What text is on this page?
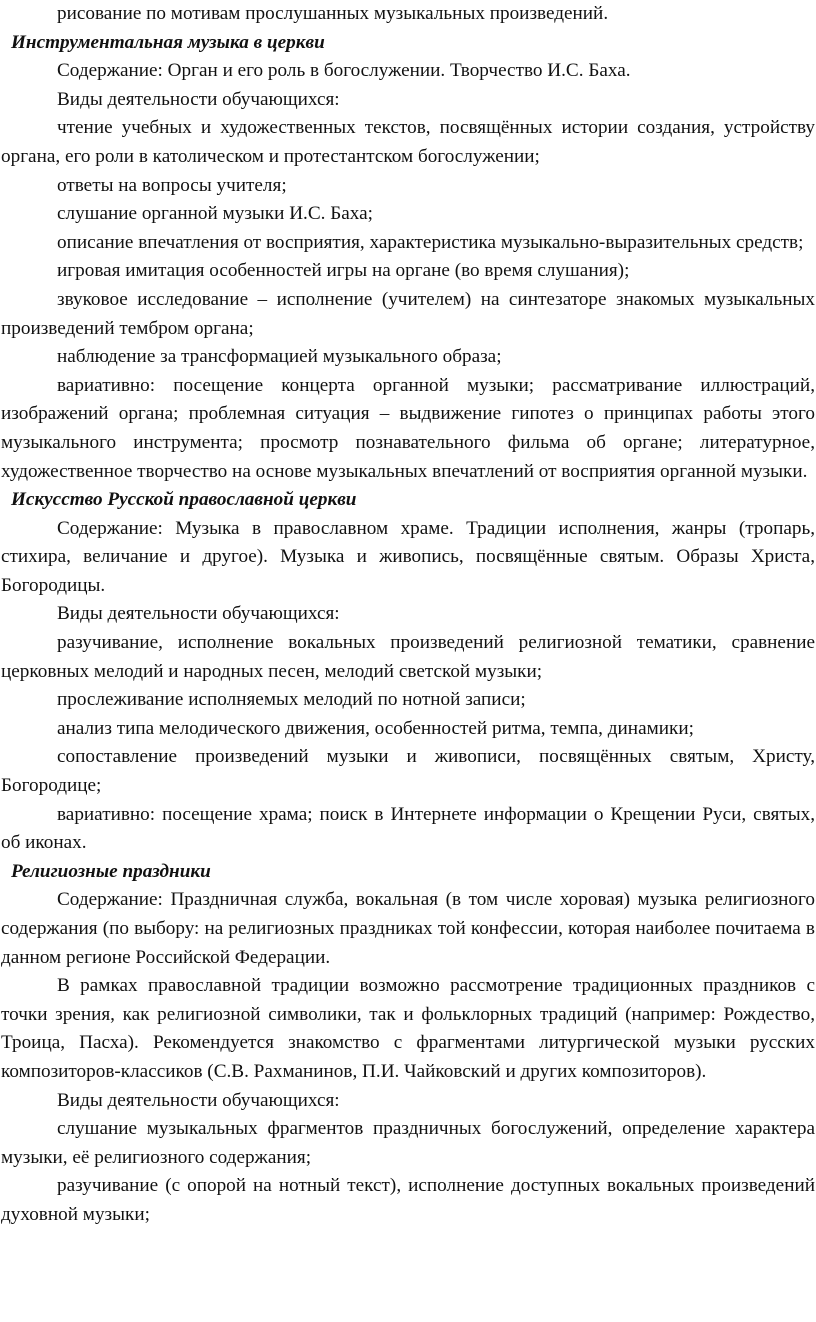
рисование по мотивам прослушанных музыкальных произведений.

Инструментальная музыка в церкви

Содержание: Орган и его роль в богослужении. Творчество И.С. Баха.

Виды деятельности обучающихся:

чтение учебных и художественных текстов, посвящённых истории создания, устройству органа, его роли в католическом и протестантском богослужении;

ответы на вопросы учителя;

слушание органной музыки И.С. Баха;

описание впечатления от восприятия, характеристика музыкально-выразительных средств;

игровая имитация особенностей игры на органе (во время слушания);

звуковое исследование – исполнение (учителем) на синтезаторе знакомых музыкальных произведений тембром органа;

наблюдение за трансформацией музыкального образа;

вариативно: посещение концерта органной музыки; рассматривание иллюстраций, изображений органа; проблемная ситуация – выдвижение гипотез о принципах работы этого музыкального инструмента; просмотр познавательного фильма об органе; литературное, художественное творчество на основе музыкальных впечатлений от восприятия органной музыки.

Искусство Русской православной церкви

Содержание: Музыка в православном храме. Традиции исполнения, жанры (тропарь, стихира, величание и другое). Музыка и живопись, посвящённые святым. Образы Христа, Богородицы.

Виды деятельности обучающихся:

разучивание, исполнение вокальных произведений религиозной тематики, сравнение церковных мелодий и народных песен, мелодий светской музыки;

прослеживание исполняемых мелодий по нотной записи;

анализ типа мелодического движения, особенностей ритма, темпа, динамики;

сопоставление произведений музыки и живописи, посвящённых святым, Христу, Богородице;

вариативно: посещение храма; поиск в Интернете информации о Крещении Руси, святых, об иконах.

Религиозные праздники

Содержание: Праздничная служба, вокальная (в том числе хоровая) музыка религиозного содержания (по выбору: на религиозных праздниках той конфессии, которая наиболее почитаема в данном регионе Российской Федерации.

В рамках православной традиции возможно рассмотрение традиционных праздников с точки зрения, как религиозной символики, так и фольклорных традиций (например: Рождество, Троица, Пасха). Рекомендуется знакомство с фрагментами литургической музыки русских композиторов-классиков (С.В. Рахманинов, П.И. Чайковский и других композиторов).

Виды деятельности обучающихся:

слушание музыкальных фрагментов праздничных богослужений, определение характера музыки, её религиозного содержания;

разучивание (с опорой на нотный текст), исполнение доступных вокальных произведений духовной музыки;
